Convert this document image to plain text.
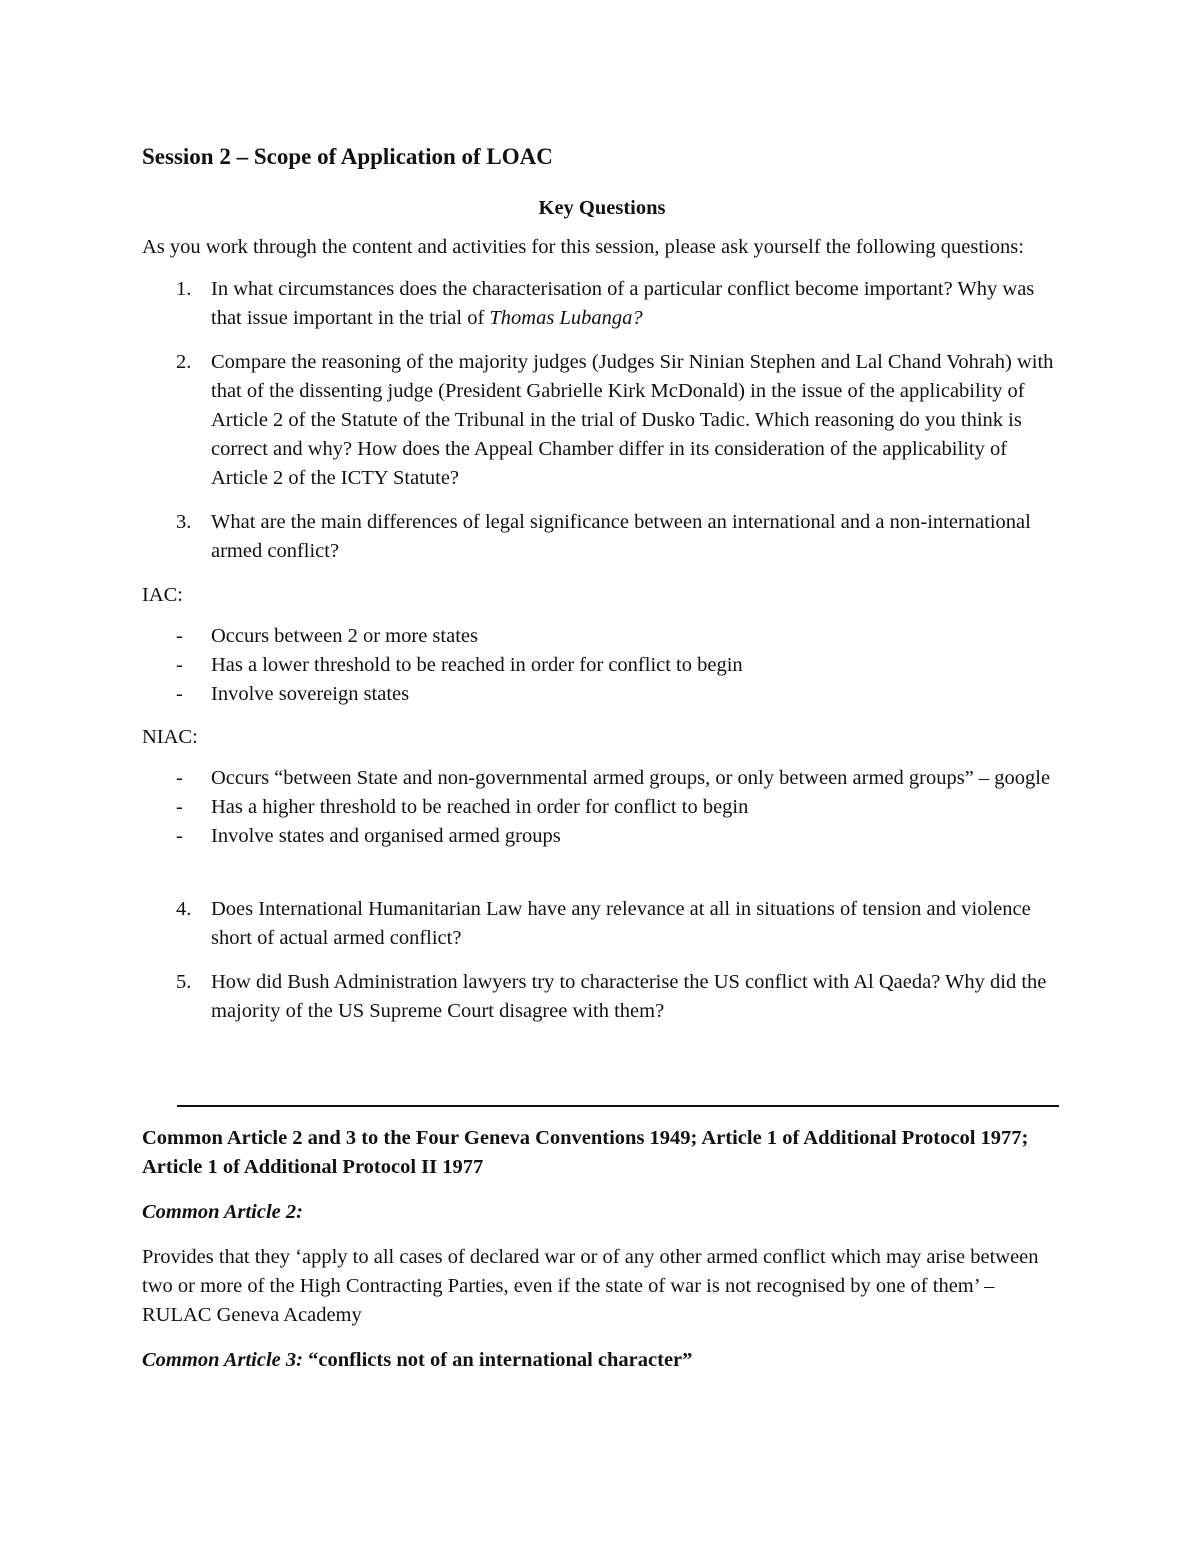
Session 2 – Scope of Application of LOAC
Key Questions

As you work through the content and activities for this session, please ask yourself the following questions:

1. In what circumstances does the characterisation of a particular conflict become important? Why was that issue important in the trial of Thomas Lubanga?
2. Compare the reasoning of the majority judges (Judges Sir Ninian Stephen and Lal Chand Vohrah) with that of the dissenting judge (President Gabrielle Kirk McDonald) in the issue of the applicability of Article 2 of the Statute of the Tribunal in the trial of Dusko Tadic. Which reasoning do you think is correct and why? How does the Appeal Chamber differ in its consideration of the applicability of Article 2 of the ICTY Statute?
3. What are the main differences of legal significance between an international and a non-international armed conflict?
IAC:
- Occurs between 2 or more states
- Has a lower threshold to be reached in order for conflict to begin
- Involve sovereign states
NIAC:
- Occurs “between State and non-governmental armed groups, or only between armed groups” – google
- Has a higher threshold to be reached in order for conflict to begin
- Involve states and organised armed groups
4. Does International Humanitarian Law have any relevance at all in situations of tension and violence short of actual armed conflict?
5. How did Bush Administration lawyers try to characterise the US conflict with Al Qaeda? Why did the majority of the US Supreme Court disagree with them?
Common Article 2 and 3 to the Four Geneva Conventions 1949; Article 1 of Additional Protocol 1977; Article 1 of Additional Protocol II 1977
Common Article 2:
Provides that they ‘apply to all cases of declared war or of any other armed conflict which may arise between two or more of the High Contracting Parties, even if the state of war is not recognised by one of them’ – RULAC Geneva Academy
Common Article 3: “conflicts not of an international character”
